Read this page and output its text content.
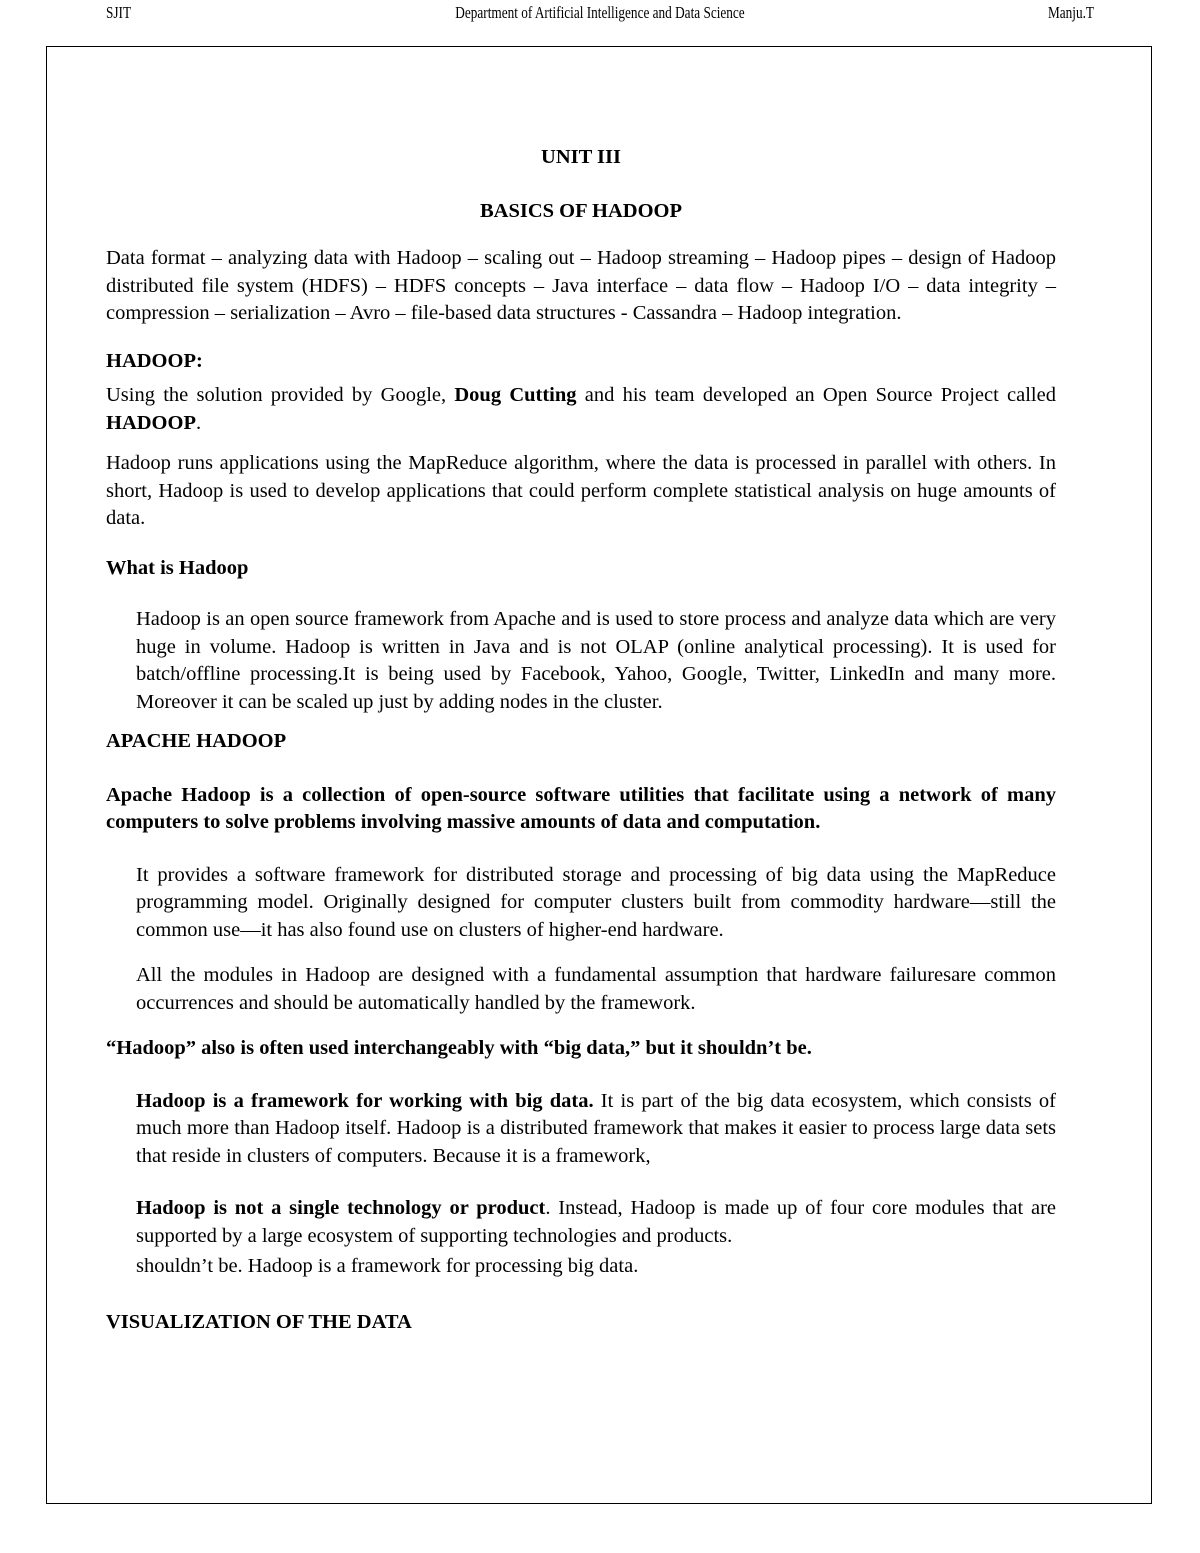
SJIT	Department of Artificial Intelligence and Data Science	Manju.T

UNIT III

BASICS OF HADOOP

Data format – analyzing data with Hadoop – scaling out – Hadoop streaming – Hadoop pipes – design of Hadoop distributed file system (HDFS) – HDFS concepts – Java interface – data flow – Hadoop I/O – data integrity – compression – serialization – Avro – file-based data structures - Cassandra – Hadoop integration.

HADOOP:

Using the solution provided by Google, Doug Cutting and his team developed an Open Source Project called HADOOP.

Hadoop runs applications using the MapReduce algorithm, where the data is processed in parallel with others. In short, Hadoop is used to develop applications that could perform complete statistical analysis on huge amounts of data.

What is Hadoop

Hadoop is an open source framework from Apache and is used to store process and analyze data which are very huge in volume. Hadoop is written in Java and is not OLAP (online analytical processing). It is used for batch/offline processing.It is being used by Facebook, Yahoo, Google, Twitter, LinkedIn and many more. Moreover it can be scaled up just by adding nodes in the cluster.

APACHE HADOOP

Apache Hadoop is a collection of open-source software utilities that facilitate using a network of many computers to solve problems involving massive amounts of data and computation.

It provides a software framework for distributed storage and processing of big data using the MapReduce programming model. Originally designed for computer clusters built from commodity hardware—still the common use—it has also found use on clusters of higher-end hardware.

All the modules in Hadoop are designed with a fundamental assumption that hardware failuresare common occurrences and should be automatically handled by the framework.

“Hadoop” also is often used interchangeably with “big data,” but it shouldn’t be.

Hadoop is a framework for working with big data. It is part of the big data ecosystem, which consists of much more than Hadoop itself. Hadoop is a distributed framework that makes it easier to process large data sets that reside in clusters of computers. Because it is a framework,

Hadoop is not a single technology or product. Instead, Hadoop is made up of four core modules that are supported by a large ecosystem of supporting technologies and products.

shouldn’t be. Hadoop is a framework for processing big data.

VISUALIZATION OF THE DATA
